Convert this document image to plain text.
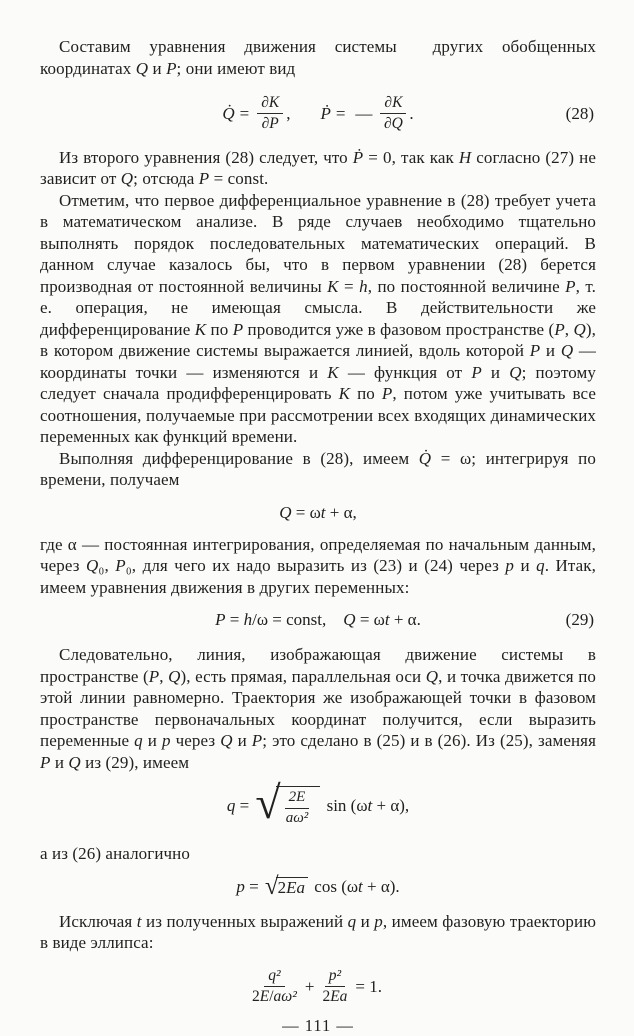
Составим уравнения движения системы  других обобщенных координатах Q и P; они имеют вид

Q̇ = $\frac{\partial K}{\partial P}$ , Ṗ = — $\frac{\partial K}{\partial Q}$ .	(28)

Из второго уравнения (28) следует, что Ṗ = 0, так как H согласно (27) не зависит от Q; отсюда P = const.

Отметим, что первое дифференциальное уравнение в (28) требует учета в математическом анализе. В ряде случаев необходимо тщательно выполнять порядок последовательных математических операций. В данном случае казалось бы, что в первом уравнении (28) берется производная от постоянной величины K = h, по постоянной величине P, т. е. операция, не имеющая смысла. В действительности же дифференцирование K по P проводится уже в фазовом пространстве (P, Q), в котором движение системы выражается линией, вдоль которой P и Q — координаты точки — изменяются и K — функция от P и Q; поэтому следует сначала продифференцировать K по P, потом уже учитывать все соотношения, получаемые при рассмотрении всех входящих динамических переменных как функций времени.

Выполняя дифференцирование в (28), имеем Q̇ = ω; интегрируя по времени, получаем

Q = ω t + α,

где α — постоянная интегрирования, определяемая по начальным данным, через Q₀, P₀, для чего их надо выразить из (23) и (24) через p и q. Итак, имеем уравнения движения в других переменных:

P = h /ω = const, Q = ω t + α.	(29)

Следовательно, линия, изображающая движение системы в пространстве (P, Q), есть прямая, параллельная оси Q, и точка движется по этой линии равномерно. Траектория же изображающей точки в фазовом пространстве первоначальных координат получится, если выразить переменные q и p через Q и P; это сделано в (25) и в (26). Из (25), заменяя P и Q из (29), имеем

q = √ $\frac{2E}{\text{aω²}}$ sin (ωt + α),

а из (26) аналогично

p = √ 2Ea cos (ωt + α).

Исключая t из полученных выражений q и p, имеем фазовую траекторию в виде эллипса:

$\frac{\text{q²}}{\text{2E/aω²}} + \frac{\text{p²}}{2Ea} = 1$.
— 111 —
